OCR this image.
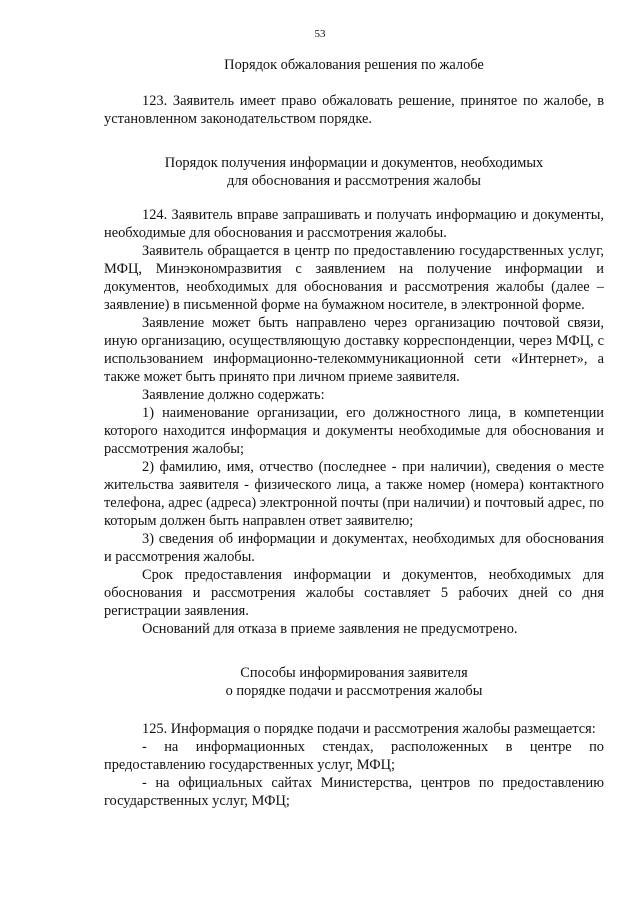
53
Порядок обжалования решения по жалобе

123. Заявитель имеет право обжаловать решение, принятое по жалобе, в установленном законодательством порядке.

Порядок получения информации и документов, необходимых
для обоснования и рассмотрения жалобы

124. Заявитель вправе запрашивать и получать информацию и документы, необходимые для обоснования и рассмотрения жалобы.

Заявитель обращается в центр по предоставлению государственных услуг, МФЦ, Минэкономразвития с заявлением на получение информации и документов, необходимых для обоснования и рассмотрения жалобы (далее – заявление) в письменной форме на бумажном носителе, в электронной форме.

Заявление может быть направлено через организацию почтовой связи, иную организацию, осуществляющую доставку корреспонденции, через МФЦ, с использованием информационно-телекоммуникационной сети «Интернет», а также может быть принято при личном приеме заявителя.

Заявление должно содержать:

1) наименование организации, его должностного лица, в компетенции которого находится информация и документы необходимые для обоснования и рассмотрения жалобы;

2) фамилию, имя, отчество (последнее - при наличии), сведения о месте жительства заявителя - физического лица, а также номер (номера) контактного телефона, адрес (адреса) электронной почты (при наличии) и почтовый адрес, по которым должен быть направлен ответ заявителю;

3) сведения об информации и документах, необходимых для обоснования и рассмотрения жалобы.

Срок предоставления информации и документов, необходимых для обоснования и рассмотрения жалобы составляет 5 рабочих дней со дня регистрации заявления.

Оснований для отказа в приеме заявления не предусмотрено.

Способы информирования заявителя
о порядке подачи и рассмотрения жалобы

125. Информация о порядке подачи и рассмотрения жалобы размещается:

- на информационных стендах, расположенных в центре по предоставлению государственных услуг, МФЦ;

- на официальных сайтах Министерства, центров по предоставлению государственных услуг, МФЦ;
